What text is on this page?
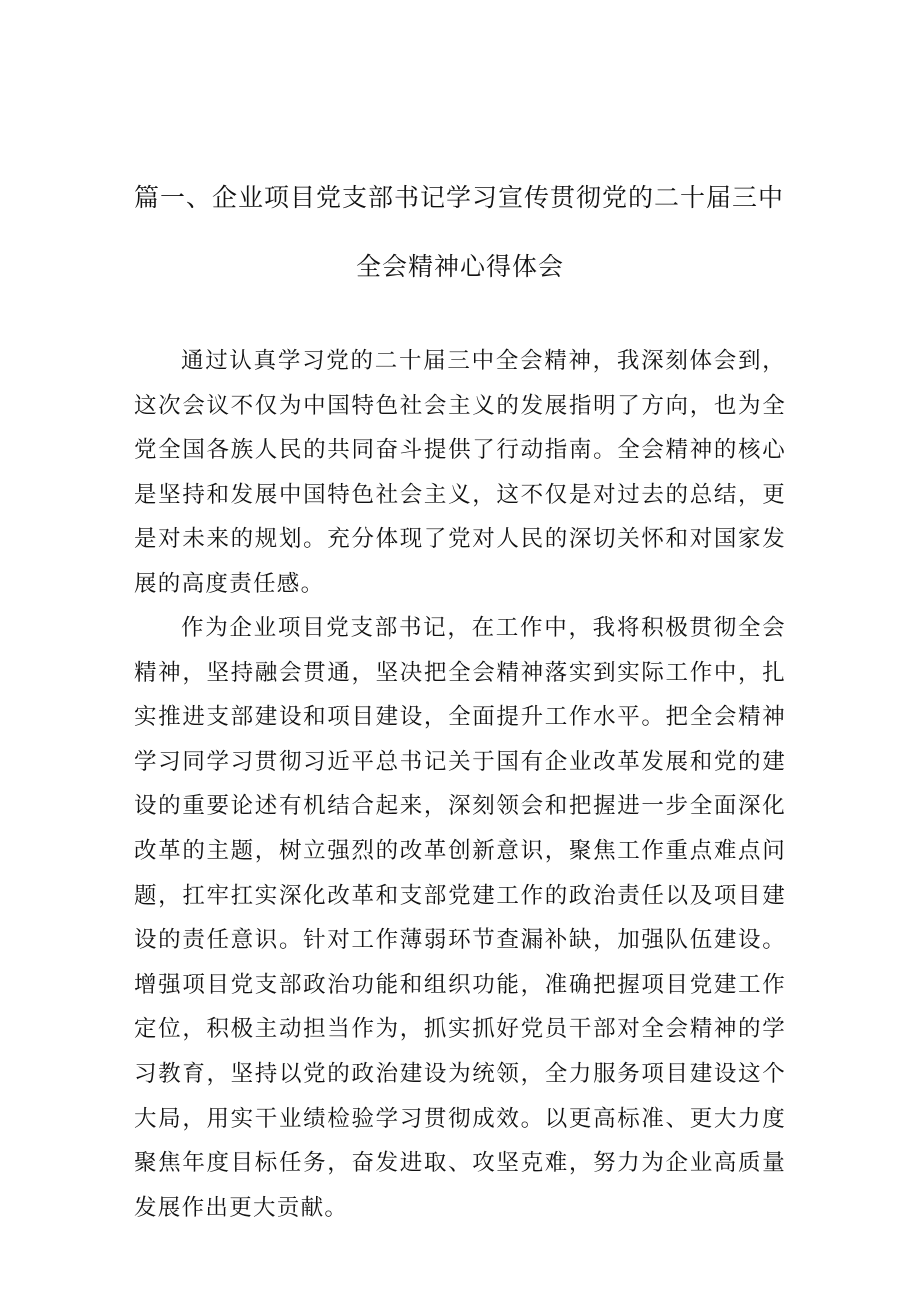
篇一、企业项目党支部书记学习宣传贯彻党的二十届三中
全会精神心得体会

通过认真学习党的二十届三中全会精神，我深刻体会到，这次会议不仅为中国特色社会主义的发展指明了方向，也为全党全国各族人民的共同奋斗提供了行动指南。全会精神的核心是坚持和发展中国特色社会主义，这不仅是对过去的总结，更是对未来的规划。充分体现了党对人民的深切关怀和对国家发展的高度责任感。

作为企业项目党支部书记，在工作中，我将积极贯彻全会精神，坚持融会贯通，坚决把全会精神落实到实际工作中，扎实推进支部建设和项目建设，全面提升工作水平。把全会精神学习同学习贯彻习近平总书记关于国有企业改革发展和党的建设的重要论述有机结合起来，深刻领会和把握进一步全面深化改革的主题，树立强烈的改革创新意识，聚焦工作重点难点问题，扛牢扛实深化改革和支部党建工作的政治责任以及项目建设的责任意识。针对工作薄弱环节查漏补缺，加强队伍建设。增强项目党支部政治功能和组织功能，准确把握项目党建工作定位，积极主动担当作为，抓实抓好党员干部对全会精神的学习教育，坚持以党的政治建设为统领，全力服务项目建设这个大局，用实干业绩检验学习贯彻成效。以更高标准、更大力度聚焦年度目标任务，奋发进取、攻坚克难，努力为企业高质量发展作出更大贡献。
